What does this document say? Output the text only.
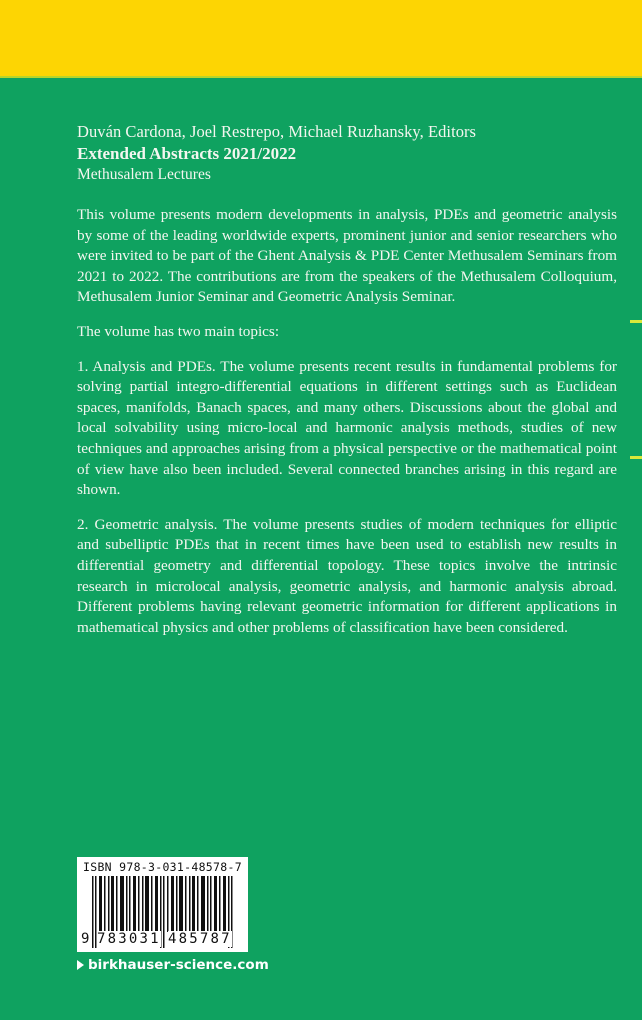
Duván Cardona, Joel Restrepo, Michael Ruzhansky, Editors

Extended Abstracts 2021/2022

Methusalem Lectures

This volume presents modern developments in analysis, PDEs and geometric analysis by some of the leading worldwide experts, prominent junior and senior researchers who were invited to be part of the Ghent Analysis & PDE Center Methusalem Seminars from 2021 to 2022. The contributions are from the speakers of the Methusalem Colloquium, Methusalem Junior Seminar and Geometric Analysis Seminar.

The volume has two main topics:

1. Analysis and PDEs. The volume presents recent results in fundamental problems for solving partial integro-differential equations in different settings such as Euclidean spaces, manifolds, Banach spaces, and many others. Discussions about the global and local solvability using micro-local and harmonic analysis methods, studies of new techniques and approaches arising from a physical perspective or the mathematical point of view have also been included. Several connected branches arising in this regard are shown.

2. Geometric analysis. The volume presents studies of modern techniques for elliptic and subelliptic PDEs that in recent times have been used to establish new results in differential geometry and differential topology. These topics involve the intrinsic research in microlocal analysis, geometric analysis, and harmonic analysis abroad. Different problems having relevant geometric information for different applications in mathematical physics and other problems of classification have been considered.

ISBN 978-3-031-48578-7
9 783031 485787
birkhauser-science.com
